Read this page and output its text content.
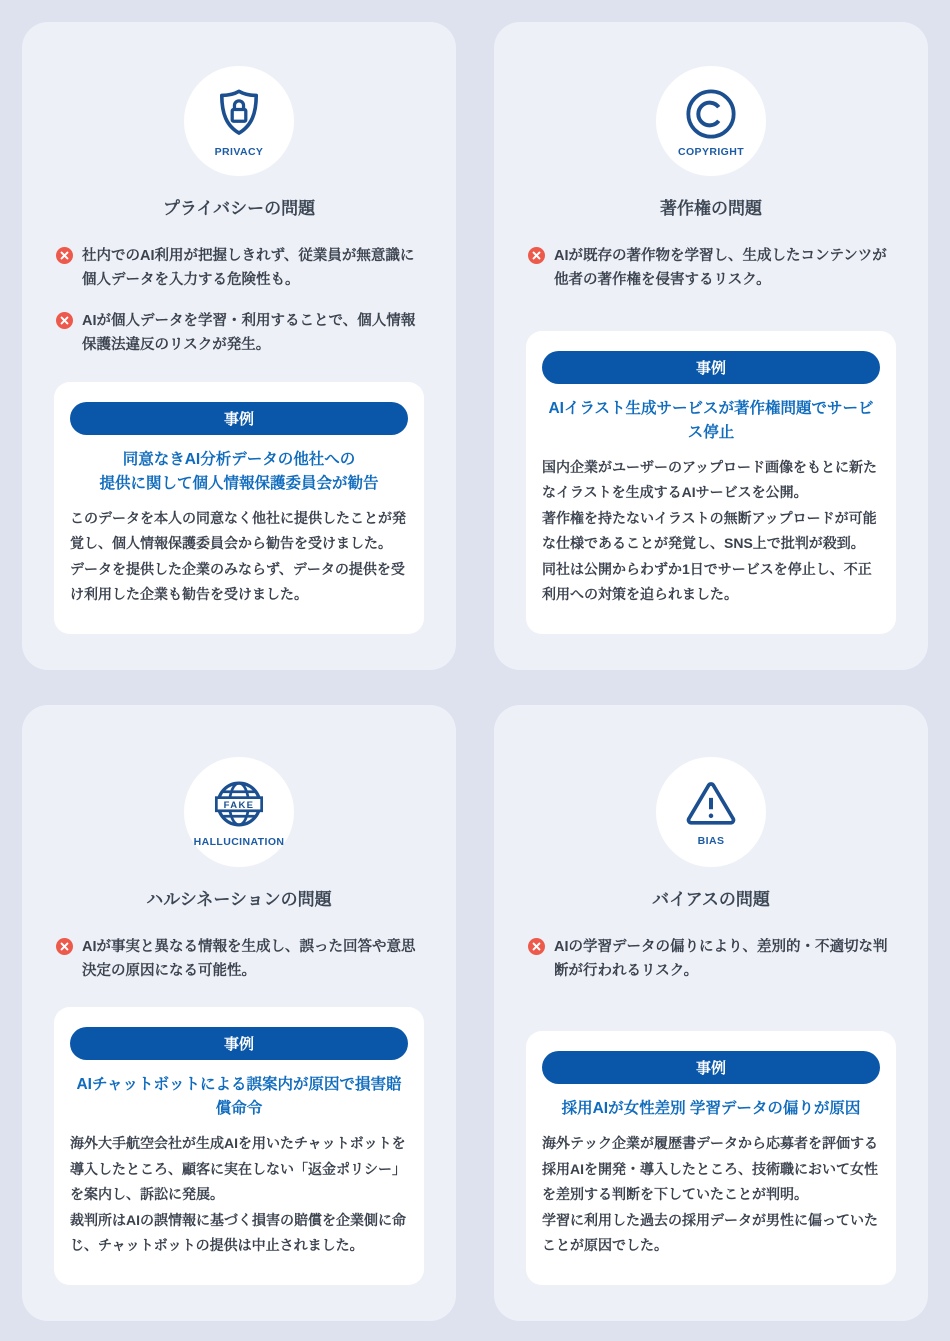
PRIVACY
プライバシーの問題
社内でのAI利用が把握しきれず、従業員が無意識に個人データを入力する危険性も。
AIが個人データを学習・利用することで、個人情報保護法違反のリスクが発生。
事例
同意なきAI分析データの他社への
提供に関して個人情報保護委員会が勧告
このデータを本人の同意なく他社に提供したことが発覚し、個人情報保護委員会から勧告を受けました。
データを提供した企業のみならず、データの提供を受け利用した企業も勧告を受けました。
COPYRIGHT
著作権の問題
AIが既存の著作物を学習し、生成したコンテンツが他者の著作権を侵害するリスク。
事例
AIイラスト生成サービスが著作権問題でサービス停止
国内企業がユーザーのアップロード画像をもとに新たなイラストを生成するAIサービスを公開。
著作権を持たないイラストの無断アップロードが可能な仕様であることが発覚し、SNS上で批判が殺到。
同社は公開からわずか1日でサービスを停止し、不正利用への対策を迫られました。
FAKE
HALLUCINATION
ハルシネーションの問題
AIが事実と異なる情報を生成し、誤った回答や意思決定の原因になる可能性。
事例
AIチャットボットによる誤案内が原因で損害賠償命令
海外大手航空会社が生成AIを用いたチャットボットを導入したところ、顧客に実在しない「返金ポリシー」を案内し、訴訟に発展。
裁判所はAIの誤情報に基づく損害の賠償を企業側に命じ、チャットボットの提供は中止されました。
BIAS
バイアスの問題
AIの学習データの偏りにより、差別的・不適切な判断が行われるリスク。
事例
採用AIが女性差別 学習データの偏りが原因
海外テック企業が履歴書データから応募者を評価する採用AIを開発・導入したところ、技術職において女性を差別する判断を下していたことが判明。
学習に利用した過去の採用データが男性に偏っていたことが原因でした。
